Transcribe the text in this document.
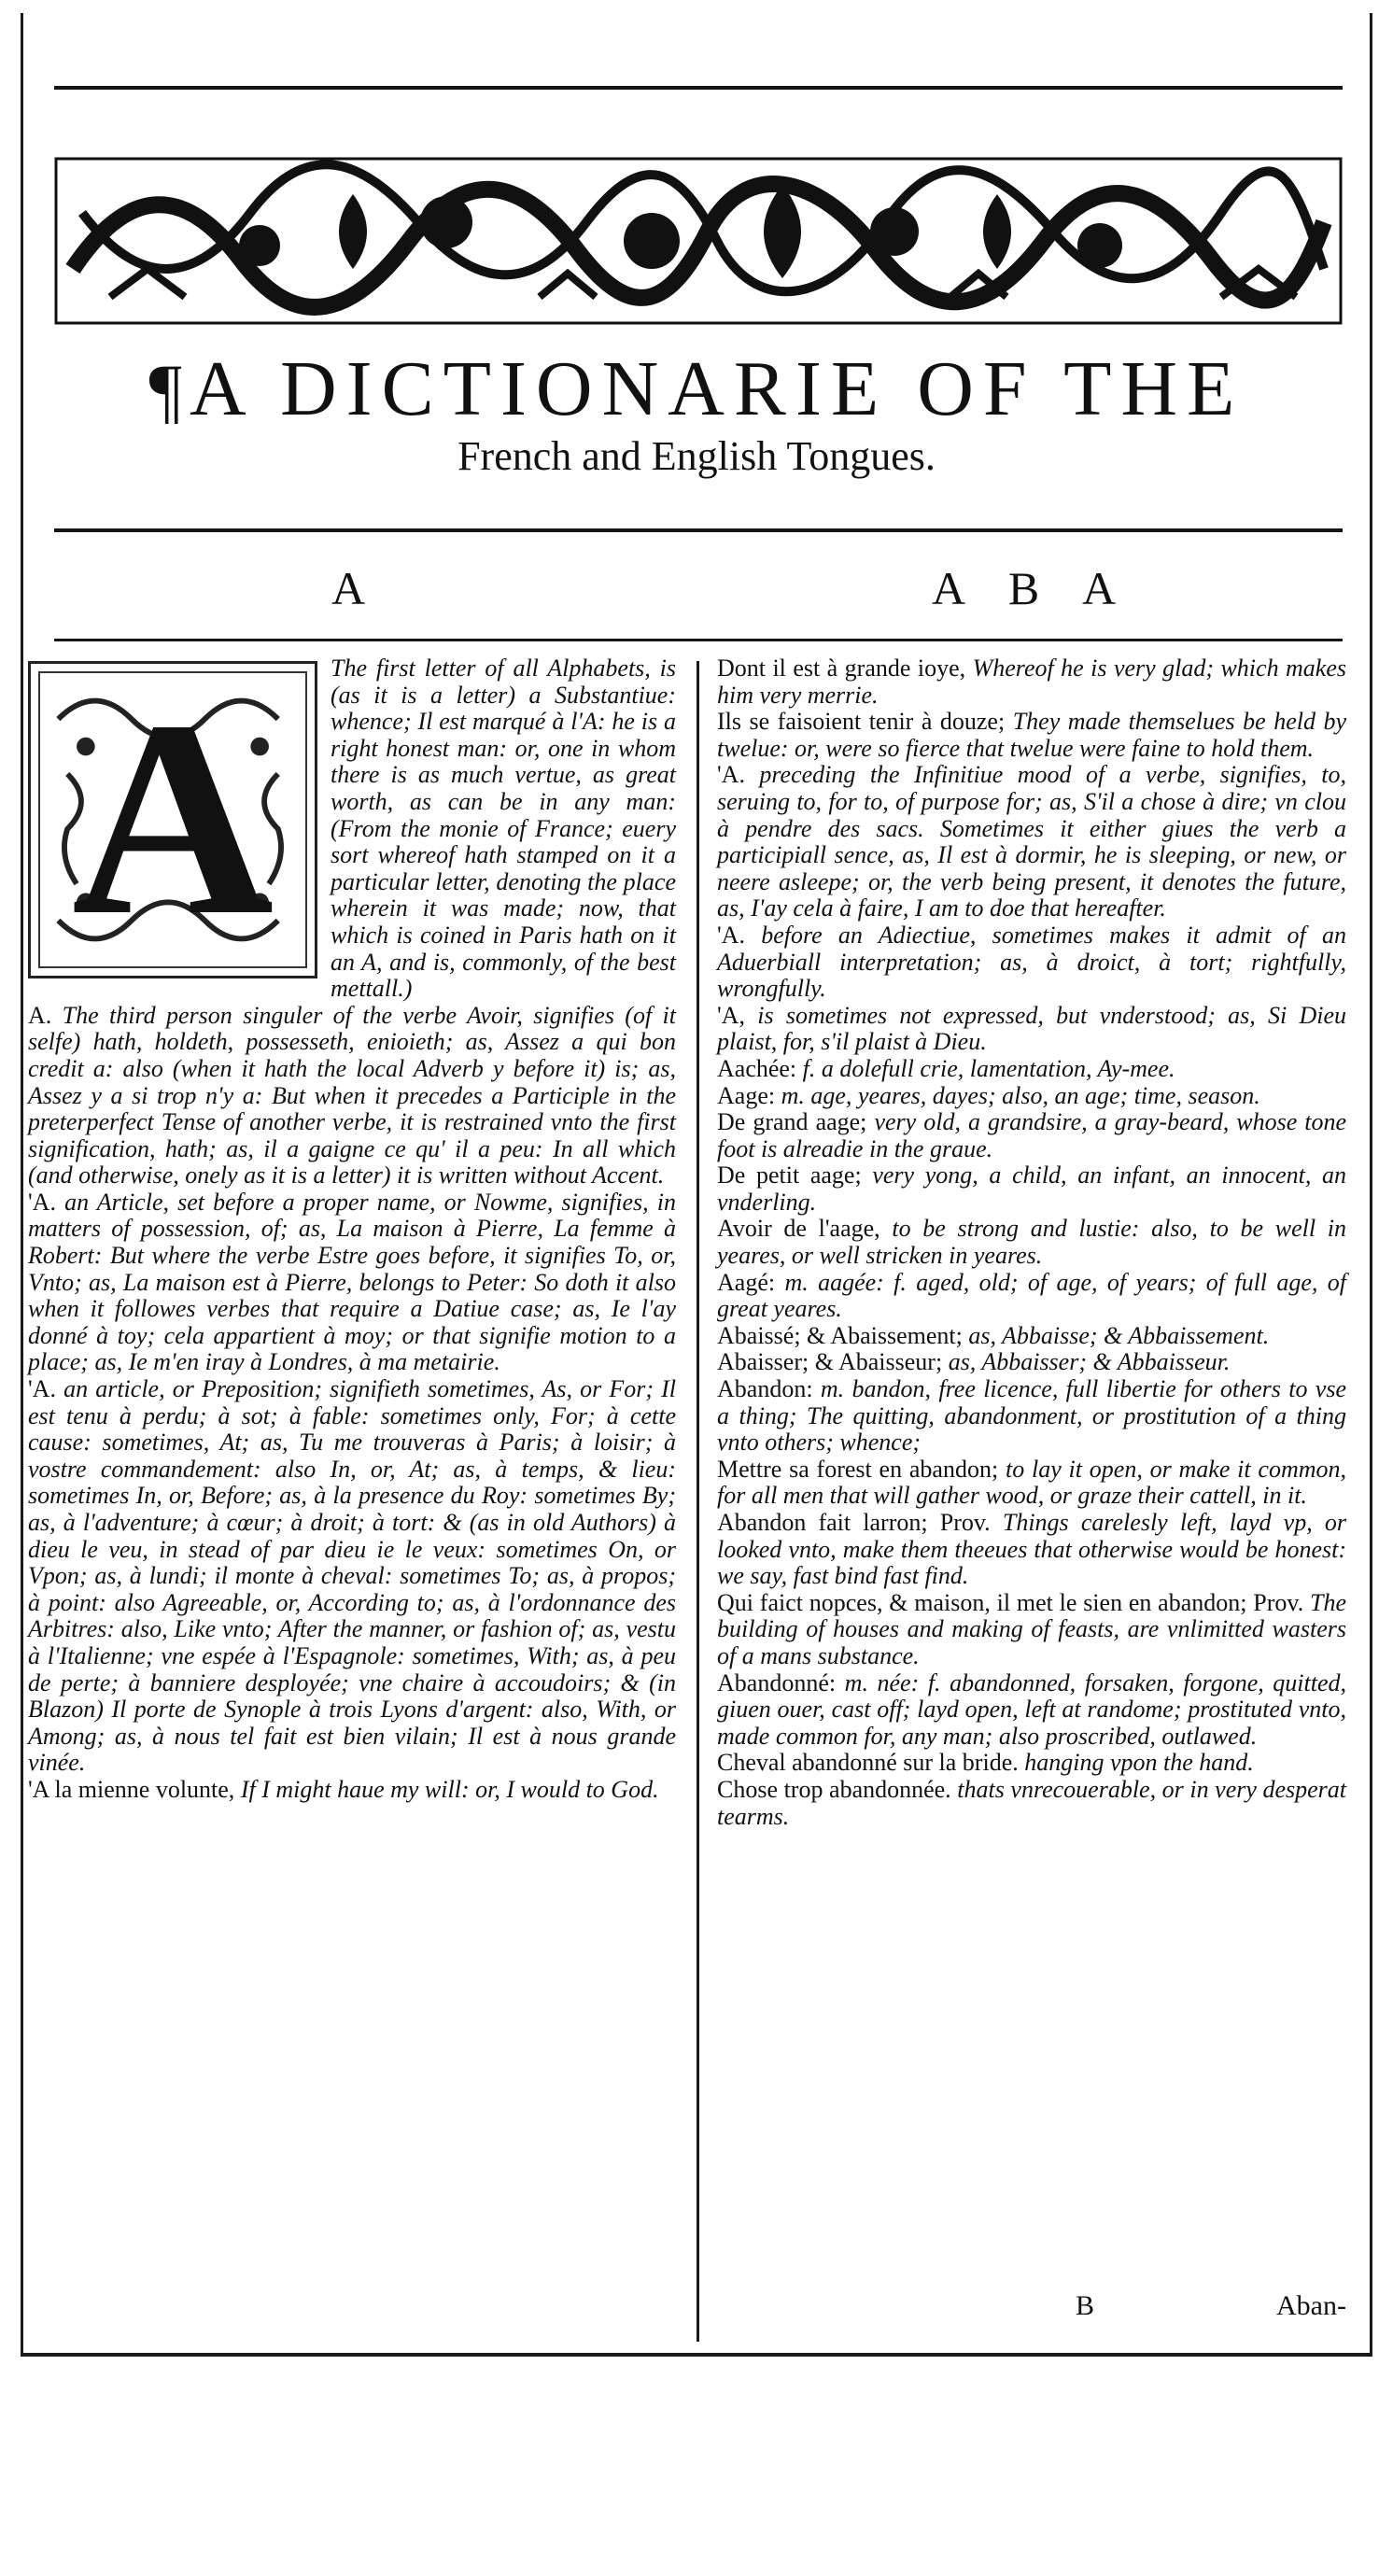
¶A DICTIONARIE OF THE
French and English Tongues.
A	A B A
A	The first letter of all Alphabets, is (as it is a letter) a Substantiue: whence; Il est marqué à l'A: he is a right honest man: or, one in whom there is as much vertue, as great worth, as can be in any man: (From the monie of France; euery sort whereof hath stamped on it a particular letter, denoting the place wherein it was made; now, that which is coined in Paris hath on it an A, and is, commonly, of the best mettall.)
A. The third person singuler of the verbe Avoir, signifies (of it selfe) hath, holdeth, possesseth, enioieth; as, Assez a qui bon credit a: also (when it hath the local Adverb y before it) is; as, Assez y a si trop n'y a: But when it precedes a Participle in the preterperfect Tense of another verbe, it is restrained vnto the first signification, hath; as, il a gaigne ce qu' il a peu: In all which (and otherwise, onely as it is a letter) it is written without Accent.
'A. an Article, set before a proper name, or Nowme, signifies, in matters of possession, of; as, La maison à Pierre, La femme à Robert: But where the verbe Estre goes before, it signifies To, or, Vnto; as, La maison est à Pierre, belongs to Peter: So doth it also when it followes verbes that require a Datiue case; as, Ie l'ay donné à toy; cela appartient à moy; or that signifie motion to a place; as, Ie m'en iray à Londres, à ma metairie.
'A. an article, or Preposition; signifieth sometimes, As, or For; Il est tenu à perdu; à sot; à fable: sometimes only, For; à cette cause: sometimes, At; as, Tu me trouveras à Paris; à loisir; à vostre commandement: also In, or, At; as, à temps, & lieu: sometimes In, or, Before; as, à la presence du Roy: sometimes By; as, à l'adventure; à cœur; à droit; à tort: & (as in old Authors) à dieu le veu, in stead of par dieu ie le veux: sometimes On, or Vpon; as, à lundi; il monte à cheval: sometimes To; as, à propos; à point: also Agreeable, or, According to; as, à l'ordonnance des Arbitres: also, Like vnto; After the manner, or fashion of; as, vestu à l'Italienne; vne espée à l'Espagnole: sometimes, With; as, à peu de perte; à banniere desployée; vne chaire à accoudoirs; & (in Blazon) Il porte de Synople à trois Lyons d'argent: also, With, or Among; as, à nous tel fait est bien vilain; Il est à nous grande vinée.
'A la mienne volunte, If I might haue my will: or, I would to God.
Dont il est à grande ioye, Whereof he is very glad; which makes him very merrie.
Ils se faisoient tenir à douze; They made themselues be held by twelue: or, were so fierce that twelue were faine to hold them.
'A. preceding the Infinitiue mood of a verbe, signifies, to, seruing to, for to, of purpose for; as, S'il a chose à dire; vn clou à pendre des sacs. Sometimes it either giues the verb a participiall sence, as, Il est à dormir, he is sleeping, or new, or neere asleepe; or, the verb being present, it denotes the future, as, I'ay cela à faire, I am to doe that hereafter.
'A. before an Adiectiue, sometimes makes it admit of an Aduerbiall interpretation; as, à droict, à tort; rightfully, wrongfully.
'A, is sometimes not expressed, but vnderstood; as, Si Dieu plaist, for, s'il plaist à Dieu.
Aachée: f. a dolefull crie, lamentation, Ay-mee.
Aage: m. age, yeares, dayes; also, an age; time, season.
De grand aage; very old, a grandsire, a gray-beard, whose tone foot is alreadie in the graue.
De petit aage; very yong, a child, an infant, an innocent, an vnderling.
Avoir de l'aage, to be strong and lustie: also, to be well in yeares, or well stricken in yeares.
Aagé: m. aagée: f. aged, old; of age, of years; of full age, of great yeares.
Abaissé; & Abaissement; as, Abbaisse; & Abbaissement.
Abaisser; & Abaisseur; as, Abbaisser; & Abbaisseur.
Abandon: m. bandon, free licence, full libertie for others to vse a thing; The quitting, abandonment, or prostitution of a thing vnto others; whence;
Mettre sa forest en abandon; to lay it open, or make it common, for all men that will gather wood, or graze their cattell, in it.
Abandon fait larron; Prov. Things carelesly left, layd vp, or looked vnto, make them theeues that otherwise would be honest: we say, fast bind fast find.
Qui faict nopces, & maison, il met le sien en abandon; Prov. The building of houses and making of feasts, are vnlimitted wasters of a mans substance.
Abandonné: m. née: f. abandonned, forsaken, forgone, quitted, giuen ouer, cast off; layd open, left at randome; prostituted vnto, made common for, any man; also proscribed, outlawed.
Cheval abandonné sur la bride. hanging vpon the hand.
Chose trop abandonnée. thats vnrecouerable, or in very desperat tearms.
B	Aban-
